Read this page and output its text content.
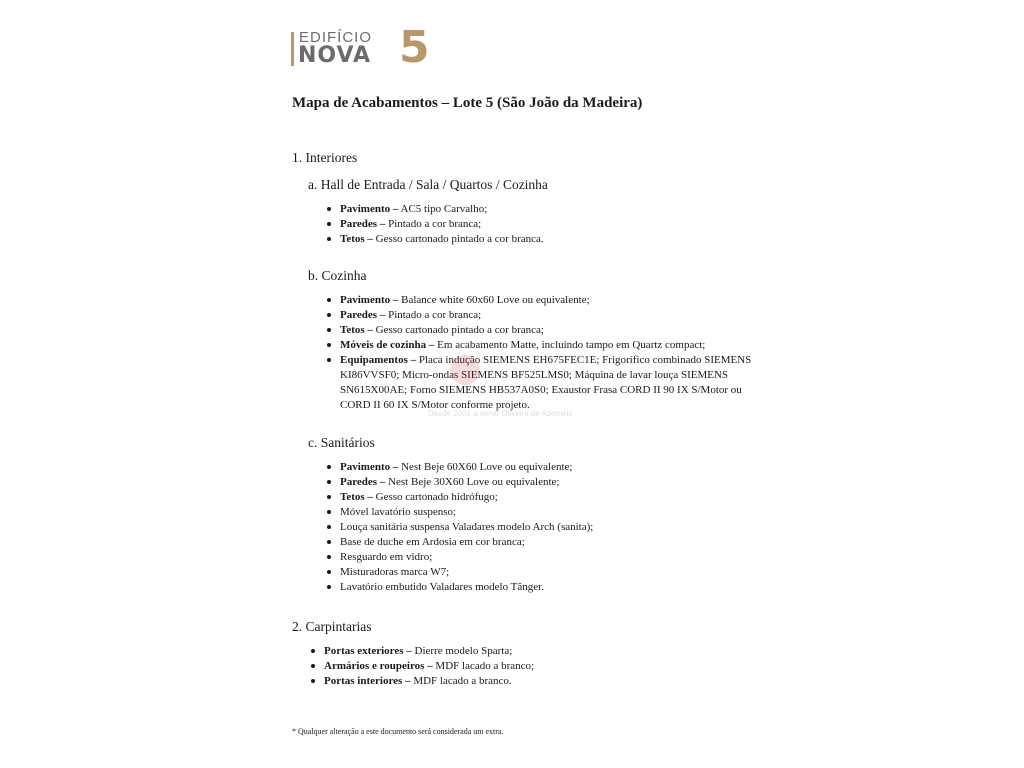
EDIFÍCIO
NOVA 5
Mapa de Acabamentos – Lote 5 (São João da Madeira)

1. Interiores

a. Hall de Entrada / Sala / Quartos / Cozinha

Pavimento – AC5 tipo Carvalho;
Paredes – Pintado a cor branca;
Tetos – Gesso cartonado pintado a cor branca.

b. Cozinha

Pavimento – Balance white 60x60 Love ou equivalente;
Paredes – Pintado a cor branca;
Tetos – Gesso cartonado pintado a cor branca;
Móveis de cozinha – Em acabamento Matte, incluindo tampo em Quartz compact;
Equipamentos – Placa indução SIEMENS EH675FEC1E; Frigorífico combinado SIEMENS KI86VVSF0; Micro-ondas SIEMENS BF525LMS0; Máquina de lavar louça SIEMENS SN615X00AE; Forno SIEMENS HB537A0S0; Exaustor Frasa CORD II 90 IX S/Motor ou CORD II 60 IX S/Motor conforme projeto.

c. Sanitários

Pavimento – Nest Beje 60X60 Love ou equivalente;
Paredes – Nest Beje 30X60 Love ou equivalente;
Tetos – Gesso cartonado hidrófugo;
Móvel lavatório suspenso;
Louça sanitária suspensa Valadares modelo Arch (sanita);
Base de duche em Ardosia em cor branca;
Resguardo em vidro;
Misturadoras marca W7;
Lavatório embutido Valadares modelo Tânger.

2. Carpintarias

Portas exteriores – Dierre modelo Sparta;
Armários e roupeiros – MDF lacado a branco;
Portas interiores – MDF lacado a branco.
Desde 2001 a servir Oliveira de Azeméis
* Qualquer alteração a este documento será considerada um extra.
